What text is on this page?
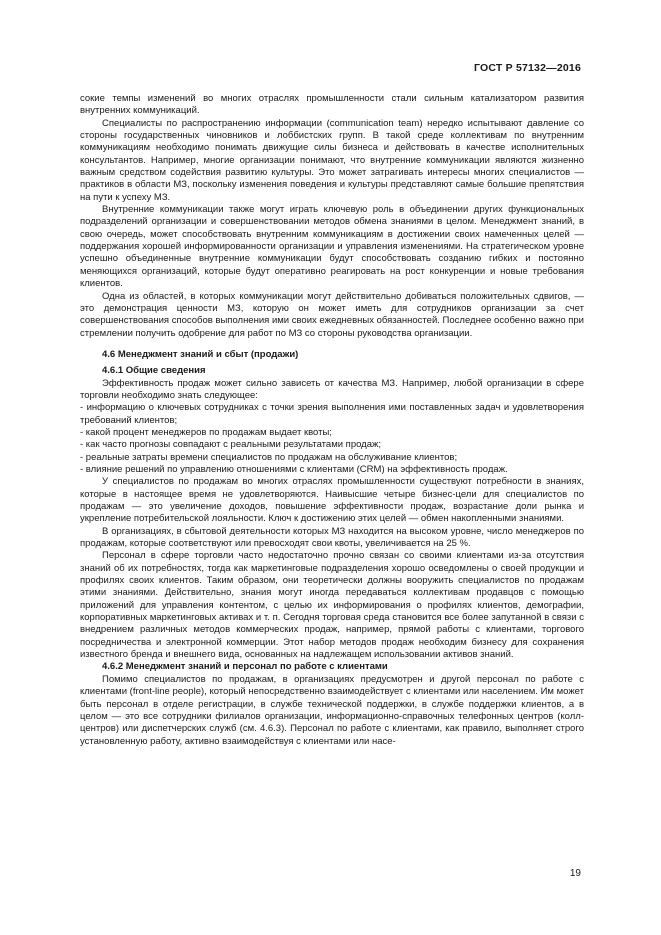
ГОСТ Р 57132—2016

сокие темпы изменений во многих отраслях промышленности стали сильным катализатором развития внутренних коммуникаций.

Специалисты по распространению информации (communication team) нередко испытывают давление со стороны государственных чиновников и лоббистских групп. В такой среде коллективам по внутренним коммуникациям необходимо понимать движущие силы бизнеса и действовать в качестве исполнительных консультантов. Например, многие организации понимают, что внутренние коммуникации являются жизненно важным средством содействия развитию культуры. Это может затрагивать интересы многих специалистов — практиков в области МЗ, поскольку изменения поведения и культуры представляют самые большие препятствия на пути к успеху МЗ.

Внутренние коммуникации также могут играть ключевую роль в объединении других функциональных подразделений организации и совершенствовании методов обмена знаниями в целом. Менеджмент знаний, в свою очередь, может способствовать внутренним коммуникациям в достижении своих намеченных целей — поддержания хорошей информированности организации и управления изменениями. На стратегическом уровне успешно объединенные внутренние коммуникации будут способствовать созданию гибких и постоянно меняющихся организаций, которые будут оперативно реагировать на рост конкуренции и новые требования клиентов.

Одна из областей, в которых коммуникации могут действительно добиваться положительных сдвигов, — это демонстрация ценности МЗ, которую он может иметь для сотрудников организации за счет совершенствования способов выполнения ими своих ежедневных обязанностей. Последнее особенно важно при стремлении получить одобрение для работ по МЗ со стороны руководства организации.

4.6 Менеджмент знаний и сбыт (продажи)

4.6.1 Общие сведения

Эффективность продаж может сильно зависеть от качества МЗ. Например, любой организации в сфере торговли необходимо знать следующее:

- информацию о ключевых сотрудниках с точки зрения выполнения ими поставленных задач и удовлетворения требований клиентов;

- какой процент менеджеров по продажам выдает квоты;

- как часто прогнозы совпадают с реальными результатами продаж;

- реальные затраты времени специалистов по продажам на обслуживание клиентов;

- влияние решений по управлению отношениями с клиентами (CRM) на эффективность продаж.

У специалистов по продажам во многих отраслях промышленности существуют потребности в знаниях, которые в настоящее время не удовлетворяются. Наивысшие четыре бизнес-цели для специалистов по продажам — это увеличение доходов, повышение эффективности продаж, возрастание доли рынка и укрепление потребительской лояльности. Ключ к достижению этих целей — обмен накопленными знаниями.

В организациях, в сбытовой деятельности которых МЗ находится на высоком уровне, число менеджеров по продажам, которые соответствуют или превосходят свои квоты, увеличивается на 25 %.

Персонал в сфере торговли часто недостаточно прочно связан со своими клиентами из-за отсутствия знаний об их потребностях, тогда как маркетинговые подразделения хорошо осведомлены о своей продукции и профилях своих клиентов. Таким образом, они теоретически должны вооружить специалистов по продажам этими знаниями. Действительно, знания могут иногда передаваться коллективам продавцов с помощью приложений для управления контентом, с целью их информирования о профилях клиентов, демографии, корпоративных маркетинговых активах и т. п. Сегодня торговая среда становится все более запутанной в связи с внедрением различных методов коммерческих продаж, например, прямой работы с клиентами, торгового посредничества и электронной коммерции. Этот набор методов продаж необходим бизнесу для сохранения известного бренда и внешнего вида, основанных на надлежащем использовании активов знаний.

4.6.2 Менеджмент знаний и персонал по работе с клиентами

Помимо специалистов по продажам, в организациях предусмотрен и другой персонал по работе с клиентами (front-line people), который непосредственно взаимодействует с клиентами или населением. Им может быть персонал в отделе регистрации, в службе технической поддержки, в службе поддержки клиентов, а в целом — это все сотрудники филиалов организации, информационно-справочных телефонных центров (колл-центров) или диспетчерских служб (см. 4.6.3). Персонал по работе с клиентами, как правило, выполняет строго установленную работу, активно взаимодействуя с клиентами или насе-

19
